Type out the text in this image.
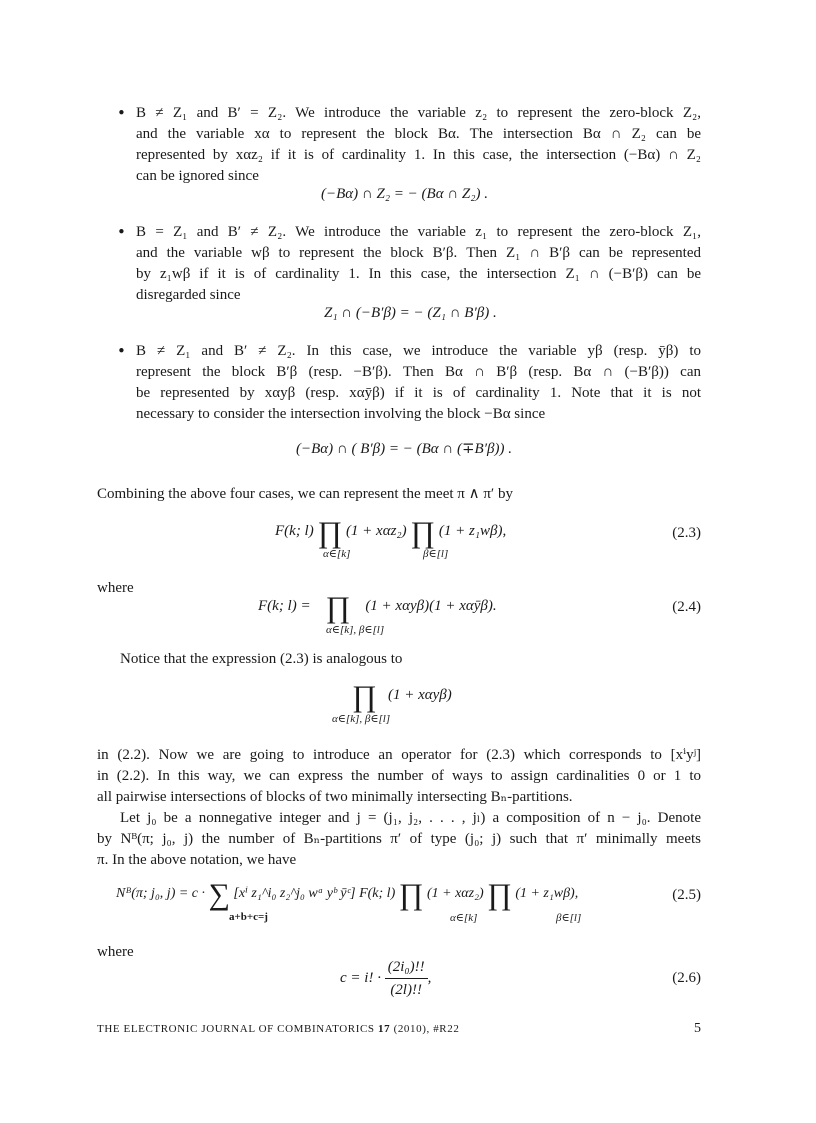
• B ≠ Z₁ and B′ = Z₂. We introduce the variable z₂ to represent the zero-block Z₂,
and the variable xα to represent the block Bα. The intersection Bα ∩ Z₂ can be
represented by xαz₂ if it is of cardinality 1. In this case, the intersection (−Bα) ∩ Z₂
can be ignored since
(−Bα) ∩ Z₂ = − (Bα ∩ Z₂) .
• B = Z₁ and B′ ≠ Z₂. We introduce the variable z₁ to represent the zero-block Z₁,
and the variable wβ to represent the block B′β. Then Z₁ ∩ B′β can be represented
by z₁wβ if it is of cardinality 1. In this case, the intersection Z₁ ∩ (−B′β) can be
disregarded since
Z₁ ∩ (−B′β) = − (Z₁ ∩ B′β) .
• B ≠ Z₁ and B′ ≠ Z₂. In this case, we introduce the variable yβ (resp. ȳβ) to
represent the block B′β (resp. −B′β). Then Bα ∩ B′β (resp. Bα ∩ (−B′β)) can
be represented by xαyβ (resp. xαȳβ) if it is of cardinality 1. Note that it is not
necessary to consider the intersection involving the block −Bα since
(−Bα) ∩ ( B′β) = − (Bα ∩ (∓B′β)) .
Combining the above four cases, we can represent the meet π ∧ π′ by
F(k; l) ∏ (1 + xαz₂) ∏ (1 + z₁wβ),
α∈[k]	β∈[l]
(2.3)
where
F(k; l) = ∏ (1 + xαyβ)(1 + xαȳβ).
α∈[k], β∈[l]
(2.4)
Notice that the expression (2.3) is analogous to
∏ (1 + xαyβ)
α∈[k], β∈[l]
in (2.2). Now we are going to introduce an operator for (2.3) which corresponds to [xⁱyʲ]
in (2.2). In this way, we can express the number of ways to assign cardinalities 0 or 1 to
all pairwise intersections of blocks of two minimally intersecting Bₙ-partitions.
Let j₀ be a nonnegative integer and j = (j₁, j₂, . . . , jₗ) a composition of n − j₀. Denote
by Nᴮ(π; j₀, j) the number of Bₙ-partitions π′ of type (j₀; j) such that π′ minimally meets
π. In the above notation, we have
Nᴮ(π; j₀, j) = c · ∑ [xⁱ z₁^i₀ z₂^j₀ wᵃ yᵇ ȳᶜ] F(k; l) ∏ (1 + xαz₂) ∏ (1 + z₁wβ),
a+b+c=j	α∈[k]	β∈[l]
(2.5)
where
c = i! · $\frac{\text{(2i₀)!!}}{(2l)!!}$ ,	(2.6)
THE ELECTRONIC JOURNAL OF COMBINATORICS 17 (2010), #R22	5
